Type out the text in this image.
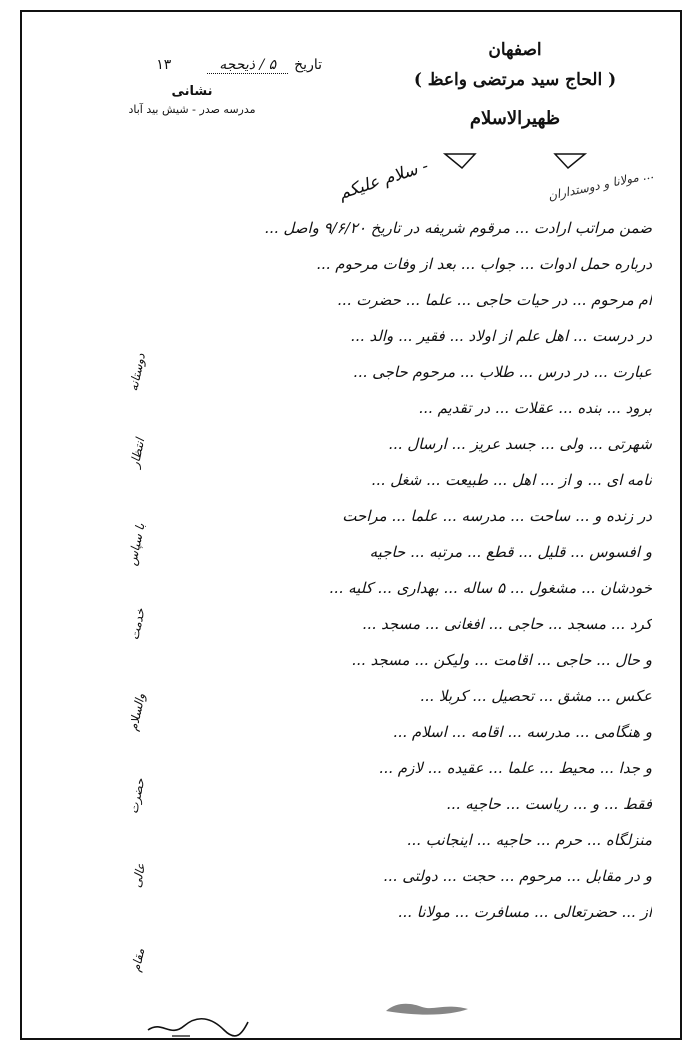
اصفهان
( الحاج سید مرتضی واعظ )
ظهیرالاسلام
تاریخ
۵ / ذیحجه
۱۳
نشانی
مدرسه صدر - شیش بید آباد
سلام علیکم -
مولانا و دوستداران ...
ضمن مراتب ارادت ... مرقوم شریفه در تاریخ ۹/۶/۲۰ واصل ...
درباره حمل ادوات ... جواب ... بعد از وفات مرحوم ...
ام مرحوم ... در حیات حاجی ... علما ... حضرت ...
در درست ... اهل علم از اولاد ... فقیر ... والد ...
عبارت ... در درس ... طلاب ... مرحوم حاجی ...
برود ... بنده ... عقلات ... در تقدیم ...
شهرتی ... ولی ... جسد عریز ... ارسال ...
نامه ای ... و از ... اهل ... طبیعت ... شغل ...
در زنده و ... ساحت ... مدرسه ... علما ... مراحت
و افسوس ... قلیل ... قطع ... مرتبه ... حاجیه
خودشان ... مشغول ... ۵ ساله ... بهداری ... کلیه ...
کرد ... مسجد ... حاجی ... افغانی ... مسجد ...
و حال ... حاجی ... اقامت ... ولیکن ... مسجد ...
عکس ... مشق ... تحصیل ... کربلا ...
و هنگامی ... مدرسه ... اقامه ... اسلام ...
و جدا ... محیط ... علما ... عقیده ... لازم ...
فقط ... و ... ریاست ... حاجیه ...
منزلگاه ... حرم ... حاجیه ... اینجانب ...
و در مقابل ... مرحوم ... حجت ... دولتی ...
از ... حضرتعالی ... مسافرت ... مولانا ...
دوستانه
انتظار
با سپاس
خدمت
والسلام
حضرت
عالی
مقام
